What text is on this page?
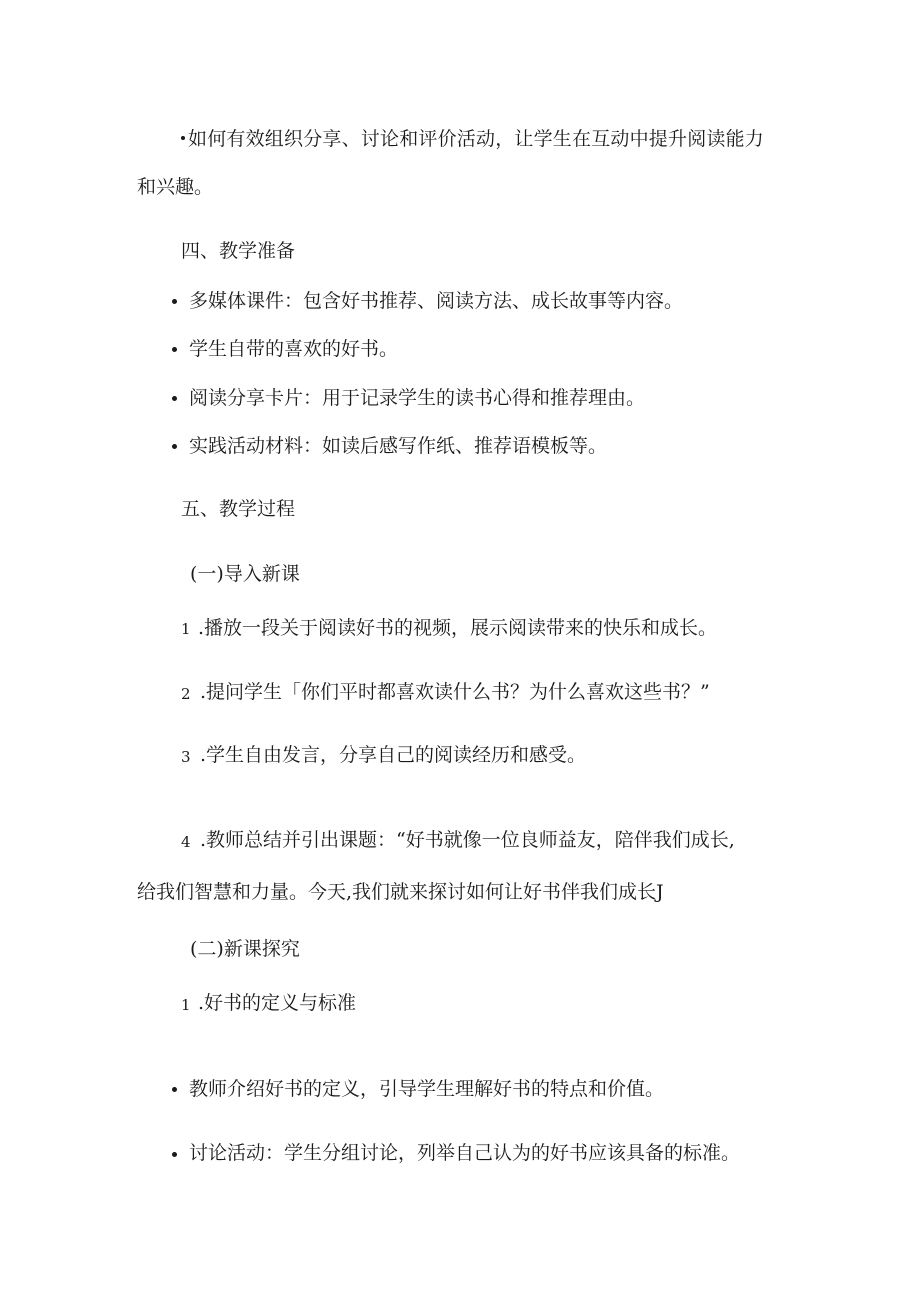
如何有效组织分享、讨论和评价活动，让学生在互动中提升阅读能力
和兴趣。
四、教学准备
多媒体课件：包含好书推荐、阅读方法、成长故事等内容。
学生自带的喜欢的好书。
阅读分享卡片：用于记录学生的读书心得和推荐理由。
实践活动材料：如读后感写作纸、推荐语模板等。
五、教学过程
(一)导入新课
1 .播放一段关于阅读好书的视频，展示阅读带来的快乐和成长。
2 .提问学生「你们平时都喜欢读什么书？为什么喜欢这些书？”
3 .学生自由发言，分享自己的阅读经历和感受。
4 .教师总结并引出课题：“好书就像一位良师益友，陪伴我们成长,
给我们智慧和力量。今天,我们就来探讨如何让好书伴我们成长J
(二)新课探究
1 .好书的定义与标准
教师介绍好书的定义，引导学生理解好书的特点和价值。
讨论活动：学生分组讨论，列举自己认为的好书应该具备的标准。
